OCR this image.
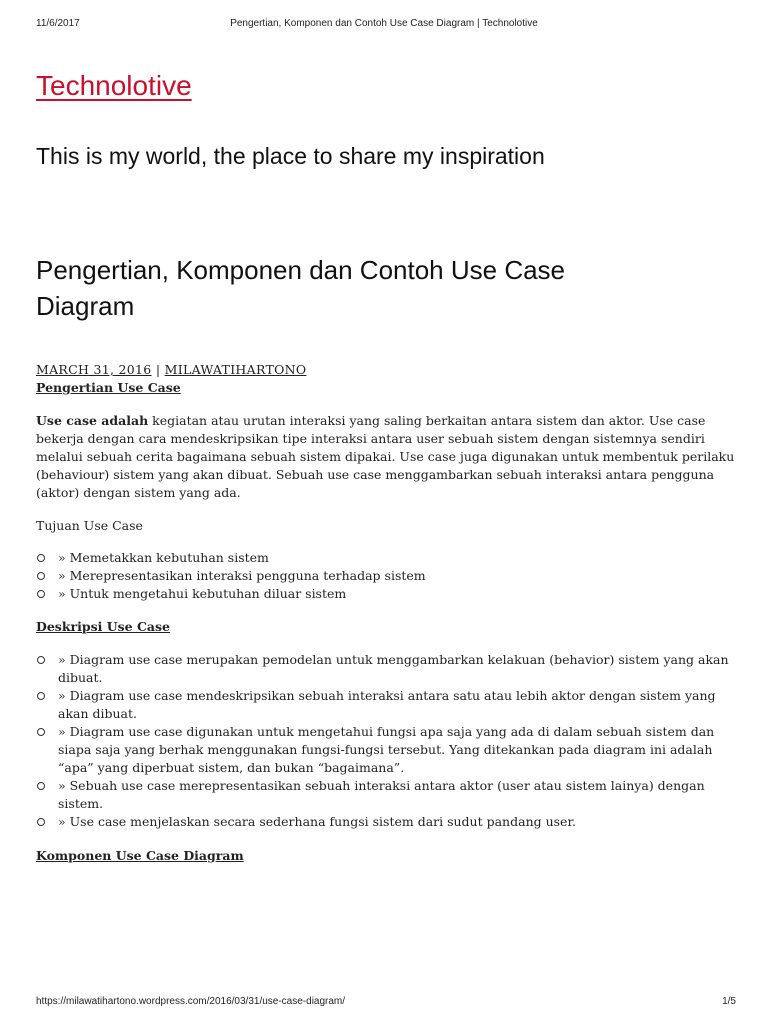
11/6/2017	Pengertian, Komponen dan Contoh Use Case Diagram | Technolotive
Technolotive
This is my world, the place to share my inspiration
Pengertian, Komponen dan Contoh Use Case Diagram
MARCH 31, 2016 | MILAWATIHARTONO
Pengertian Use Case

Use case adalah kegiatan atau urutan interaksi yang saling berkaitan antara sistem dan aktor. Use case bekerja dengan cara mendeskripsikan tipe interaksi antara user sebuah sistem dengan sistemnya sendiri melalui sebuah cerita bagaimana sebuah sistem dipakai. Use case juga digunakan untuk membentuk perilaku (behaviour) sistem yang akan dibuat. Sebuah use case menggambarkan sebuah interaksi antara pengguna (aktor) dengan sistem yang ada.

Tujuan Use Case

» Memetakkan kebutuhan sistem
» Merepresentasikan interaksi pengguna terhadap sistem
» Untuk mengetahui kebutuhan diluar sistem
Deskripsi Use Case
» Diagram use case merupakan pemodelan untuk menggambarkan kelakuan (behavior) sistem yang akan dibuat.
» Diagram use case mendeskripsikan sebuah interaksi antara satu atau lebih aktor dengan sistem yang akan dibuat.
» Diagram use case digunakan untuk mengetahui fungsi apa saja yang ada di dalam sebuah sistem dan siapa saja yang berhak menggunakan fungsi-fungsi tersebut. Yang ditekankan pada diagram ini adalah “apa” yang diperbuat sistem, dan bukan “bagaimana”.
» Sebuah use case merepresentasikan sebuah interaksi antara aktor (user atau sistem lainya) dengan sistem.
» Use case menjelaskan secara sederhana fungsi sistem dari sudut pandang user.
Komponen Use Case Diagram
https://milawatihartono.wordpress.com/2016/03/31/use-case-diagram/	1/5
